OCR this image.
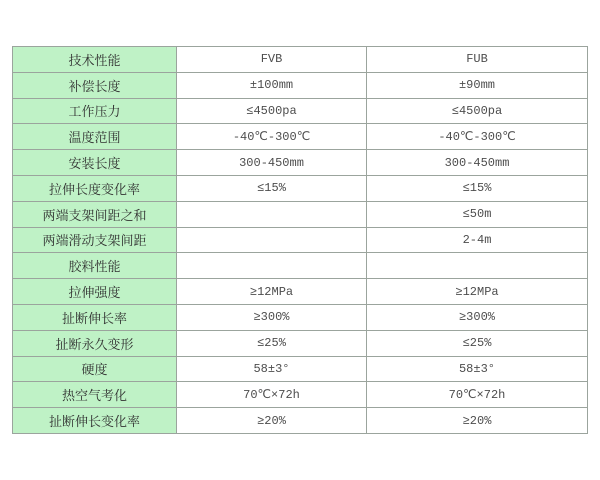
技术性能	FVB	FUB
补偿长度	±100mm	±90mm
工作压力	≤4500pa	≤4500pa
温度范围	-40℃-300℃	-40℃-300℃
安装长度	300-450mm	300-450mm
拉伸长度变化率	≤15%	≤15%
两端支架间距之和		≤50m
两端滑动支架间距		2-4m
胶料性能		
拉伸强度	≥12MPa	≥12MPa
扯断伸长率	≥300%	≥300%
扯断永久变形	≤25%	≤25%
硬度	58±3°	58±3°
热空气考化	70℃×72h	70℃×72h
扯断伸长变化率	≥20%	≥20%
